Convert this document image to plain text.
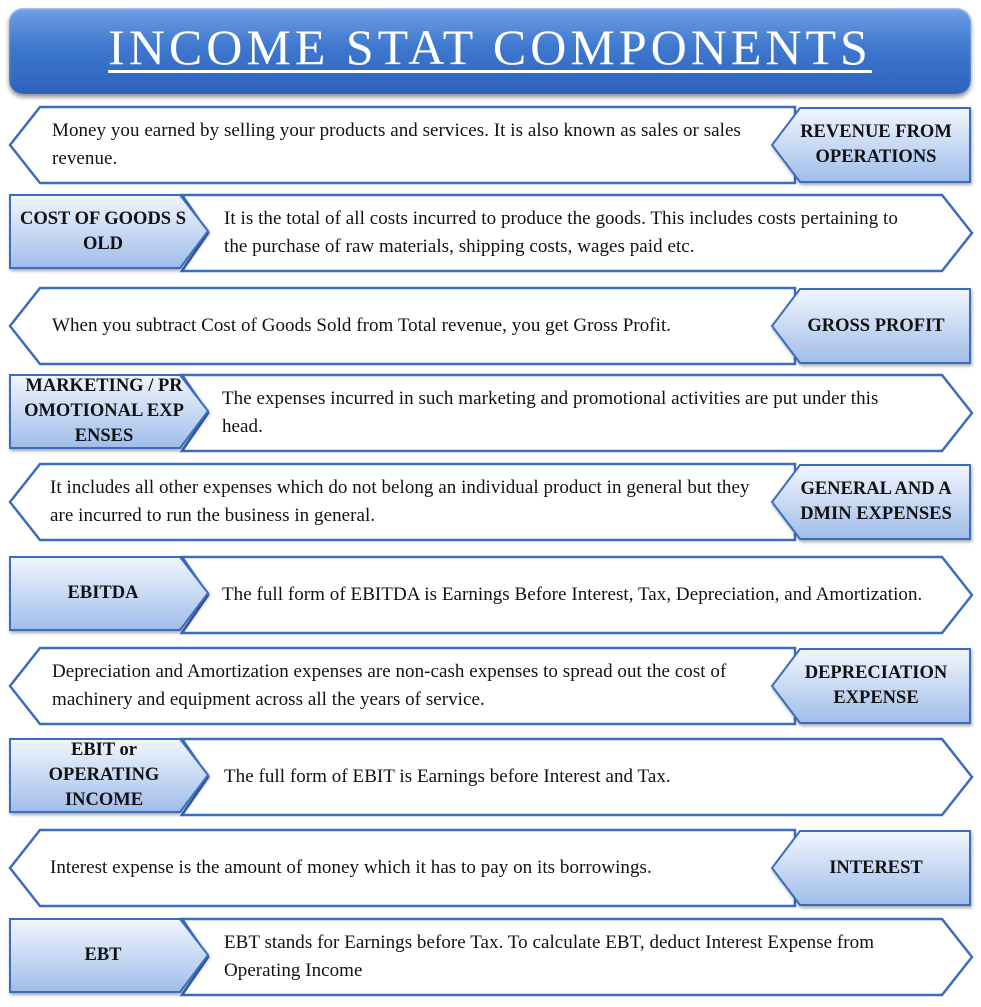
INCOME STAT COMPONENTS
Money you earned by selling your products and services. It is also known as sales or sales revenue.
REVENUE FROM OPERATIONS
COST OF GOODS SOLD
It is the total of all costs incurred to produce the goods. This includes costs pertaining to the purchase of raw materials, shipping costs, wages paid etc.
When you subtract Cost of Goods Sold from Total revenue, you get Gross Profit.	GROSS PROFIT
MARKETING / PROMOTIONAL EXPENSES
The expenses incurred in such marketing and promotional activities are put under this head.
It includes all other expenses which do not belong an individual product in general but they are incurred to run the business in general.
GENERAL AND ADMIN EXPENSES
EBITDA	The full form of EBITDA is Earnings Before Interest, Tax, Depreciation, and Amortization.
Depreciation and Amortization expenses are non-cash expenses to spread out the cost of machinery and equipment across all the years of service.
DEPRECIATION EXPENSE
EBIT or OPERATING INCOME
The full form of EBIT is Earnings before Interest and Tax.
Interest expense is the amount of money which it has to pay on its borrowings.	INTEREST
EBT
EBT stands for Earnings before Tax. To calculate EBT, deduct Interest Expense from Operating Income
